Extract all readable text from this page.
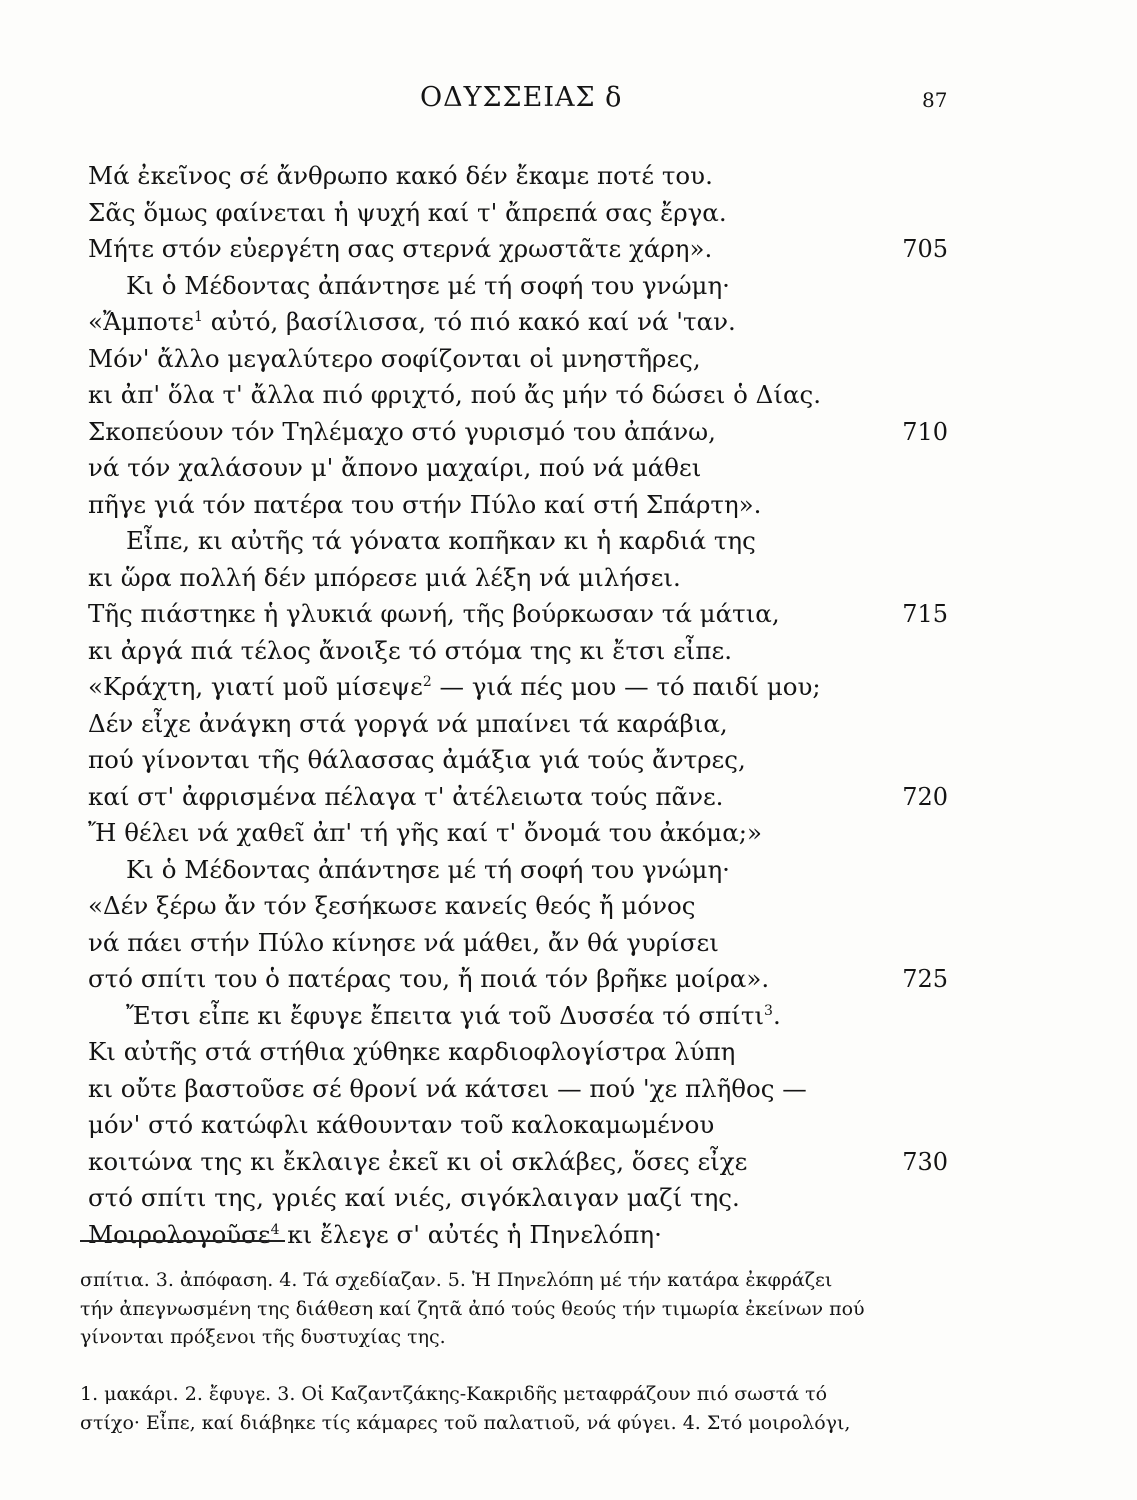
ΟΔΥΣΣΕΙΑΣ δ	87
Μά ἐκεῖνος σέ ἄνθρωπο κακό δέν ἔκαμε ποτέ του.
Σᾶς ὅμως φαίνεται ἡ ψυχή καί τ' ἄπρεπά σας ἔργα.
Μήτε στόν εὐεργέτη σας στερνά χρωστᾶτε χάρη».	705
Κι ὁ Μέδοντας ἀπάντησε μέ τή σοφή του γνώμη·
«Ἄμποτε$^1$ αὐτό, βασίλισσα, τό πιό κακό καί νά 'ταν.
Μόν' ἄλλο μεγαλύτερο σοφίζονται οἱ μνηστῆρες,
κι ἀπ' ὅλα τ' ἄλλα πιό φριχτό, πού ἄς μήν τό δώσει ὁ Δίας.
Σκοπεύουν τόν Τηλέμαχο στό γυρισμό του ἀπάνω,	710
νά τόν χαλάσουν μ' ἄπονο μαχαίρι, πού νά μάθει
πῆγε γιά τόν πατέρα του στήν Πύλο καί στή Σπάρτη».
Εἶπε, κι αὐτῆς τά γόνατα κοπῆκαν κι ἡ καρδιά της
κι ὥρα πολλή δέν μπόρεσε μιά λέξη νά μιλήσει.
Τῆς πιάστηκε ἡ γλυκιά φωνή, τῆς βούρκωσαν τά μάτια,	715
κι ἀργά πιά τέλος ἄνοιξε τό στόμα της κι ἔτσι εἶπε.
«Κράχτη, γιατί μοῦ μίσεψε$^2$ — γιά πές μου — τό παιδί μου;
Δέν εἶχε ἀνάγκη στά γοργά νά μπαίνει τά καράβια,
πού γίνονται τῆς θάλασσας ἀμάξια γιά τούς ἄντρες,
καί στ' ἀφρισμένα πέλαγα τ' ἀτέλειωτα τούς πᾶνε.	720
Ἤ θέλει νά χαθεῖ ἀπ' τή γῆς καί τ' ὄνομά του ἀκόμα;»
Κι ὁ Μέδοντας ἀπάντησε μέ τή σοφή του γνώμη·
«Δέν ξέρω ἄν τόν ξεσήκωσε κανείς θεός ἤ μόνος
νά πάει στήν Πύλο κίνησε νά μάθει, ἄν θά γυρίσει
στό σπίτι του ὁ πατέρας του, ἤ ποιά τόν βρῆκε μοίρα».	725
Ἔτσι εἶπε κι ἔφυγε ἔπειτα γιά τοῦ Δυσσέα τό σπίτι$^3$.
Κι αὐτῆς στά στήθια χύθηκε καρδιοφλογίστρα λύπη
κι οὔτε βαστοῦσε σέ θρονί νά κάτσει — πού 'χε πλῆθος —
μόν' στό κατώφλι κάθουνταν τοῦ καλοκαμωμένου
κοιτώνα της κι ἔκλαιγε ἐκεῖ κι οἱ σκλάβες, ὅσες εἶχε	730
στό σπίτι της, γριές καί νιές, σιγόκλαιγαν μαζί της.
Μοιρολογοῦσε$^4$ κι ἔλεγε σ' αὐτές ἡ Πηνελόπη·
σπίτια. 3. ἀπόφαση. 4. Τά σχεδίαζαν. 5. Ἡ Πηνελόπη μέ τήν κατάρα ἐκφράζει
τήν ἀπεγνωσμένη της διάθεση καί ζητᾶ ἀπό τούς θεούς τήν τιμωρία ἐκείνων πού
γίνονται πρόξενοι τῆς δυστυχίας της.
1. μακάρι. 2. ἔφυγε. 3. Οἱ Καζαντζάκης-Κακριδῆς μεταφράζουν πιό σωστά τό
στίχο· Εἶπε, καί διάβηκε τίς κάμαρες τοῦ παλατιοῦ, νά φύγει. 4. Στό μοιρολόγι,
